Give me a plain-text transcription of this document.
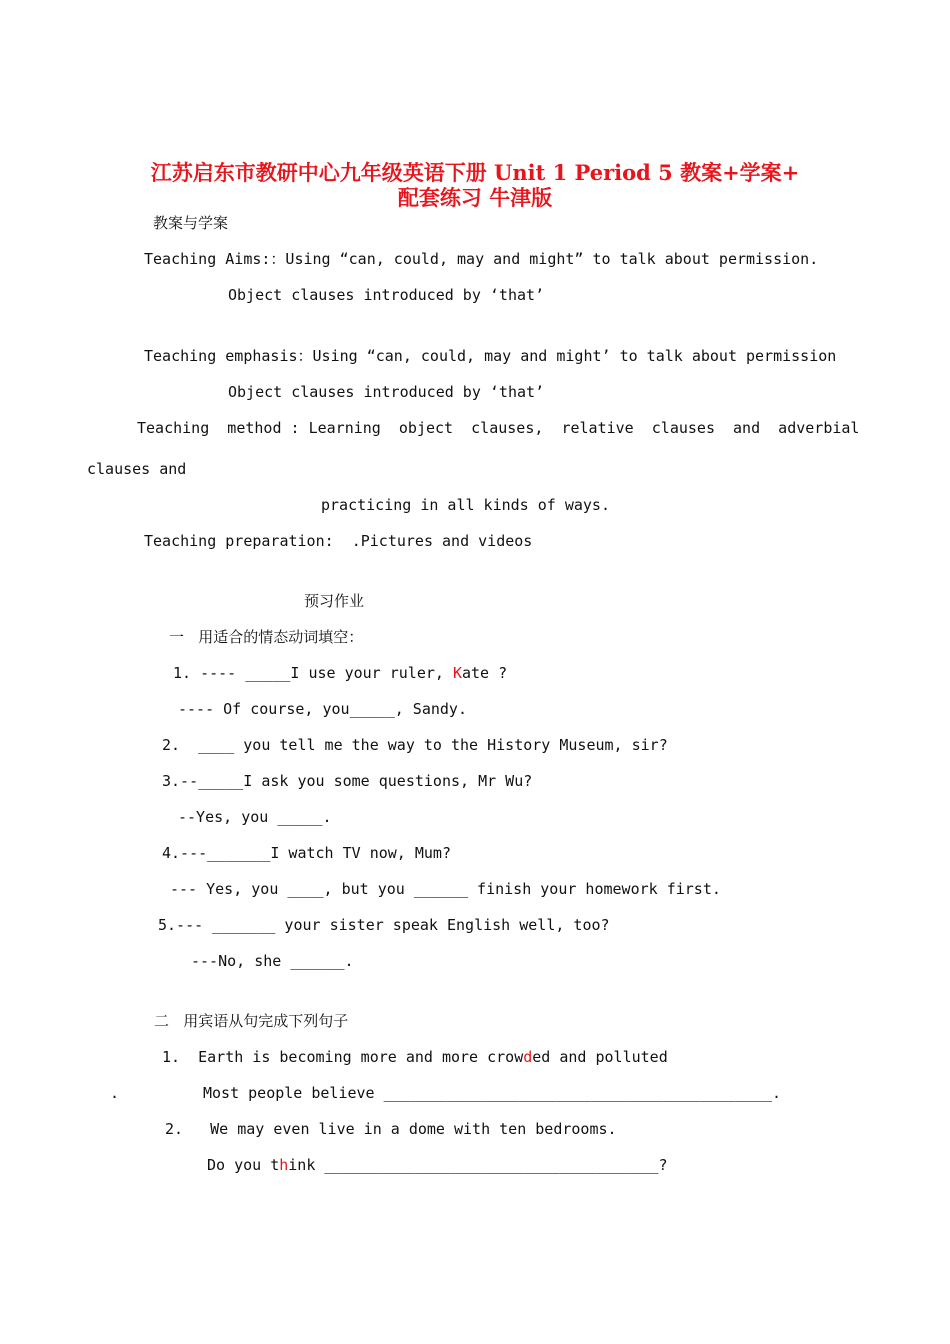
江苏启东市教研中心九年级英语下册 Unit 1 Period 5 教案+学案+
配套练习 牛津版
教案与学案
Teaching Aims:：Using “can, could, may and might” to talk about permission.
Object clauses introduced by ‘that’
Teaching emphasis：Using “can, could, may and might’ to talk about permission
Object clauses introduced by ‘that’
Teaching  method : Learning  object  clauses,  relative  clauses  and  adverbial
clauses and
practicing in all kinds of ways.
Teaching preparation:  .Pictures and videos
预习作业
一   用适合的情态动词填空：
1. ---- _____I use your ruler, Kate ?
---- Of course, you_____, Sandy.
2.  ____ you tell me the way to the History Museum, sir?
3.--_____I ask you some questions, Mr Wu?
--Yes, you _____.
4.---_______I watch TV now, Mum?
--- Yes, you ____, but you ______ finish your homework first.
5.--- _______ your sister speak English well, too?
---No, she ______.
二   用宾语从句完成下列句子
1.  Earth is becoming more and more crowded and polluted
.	Most people believe ___________________________________________.
2.   We may even live in a dome with ten bedrooms.
Do you think _____________________________________?
